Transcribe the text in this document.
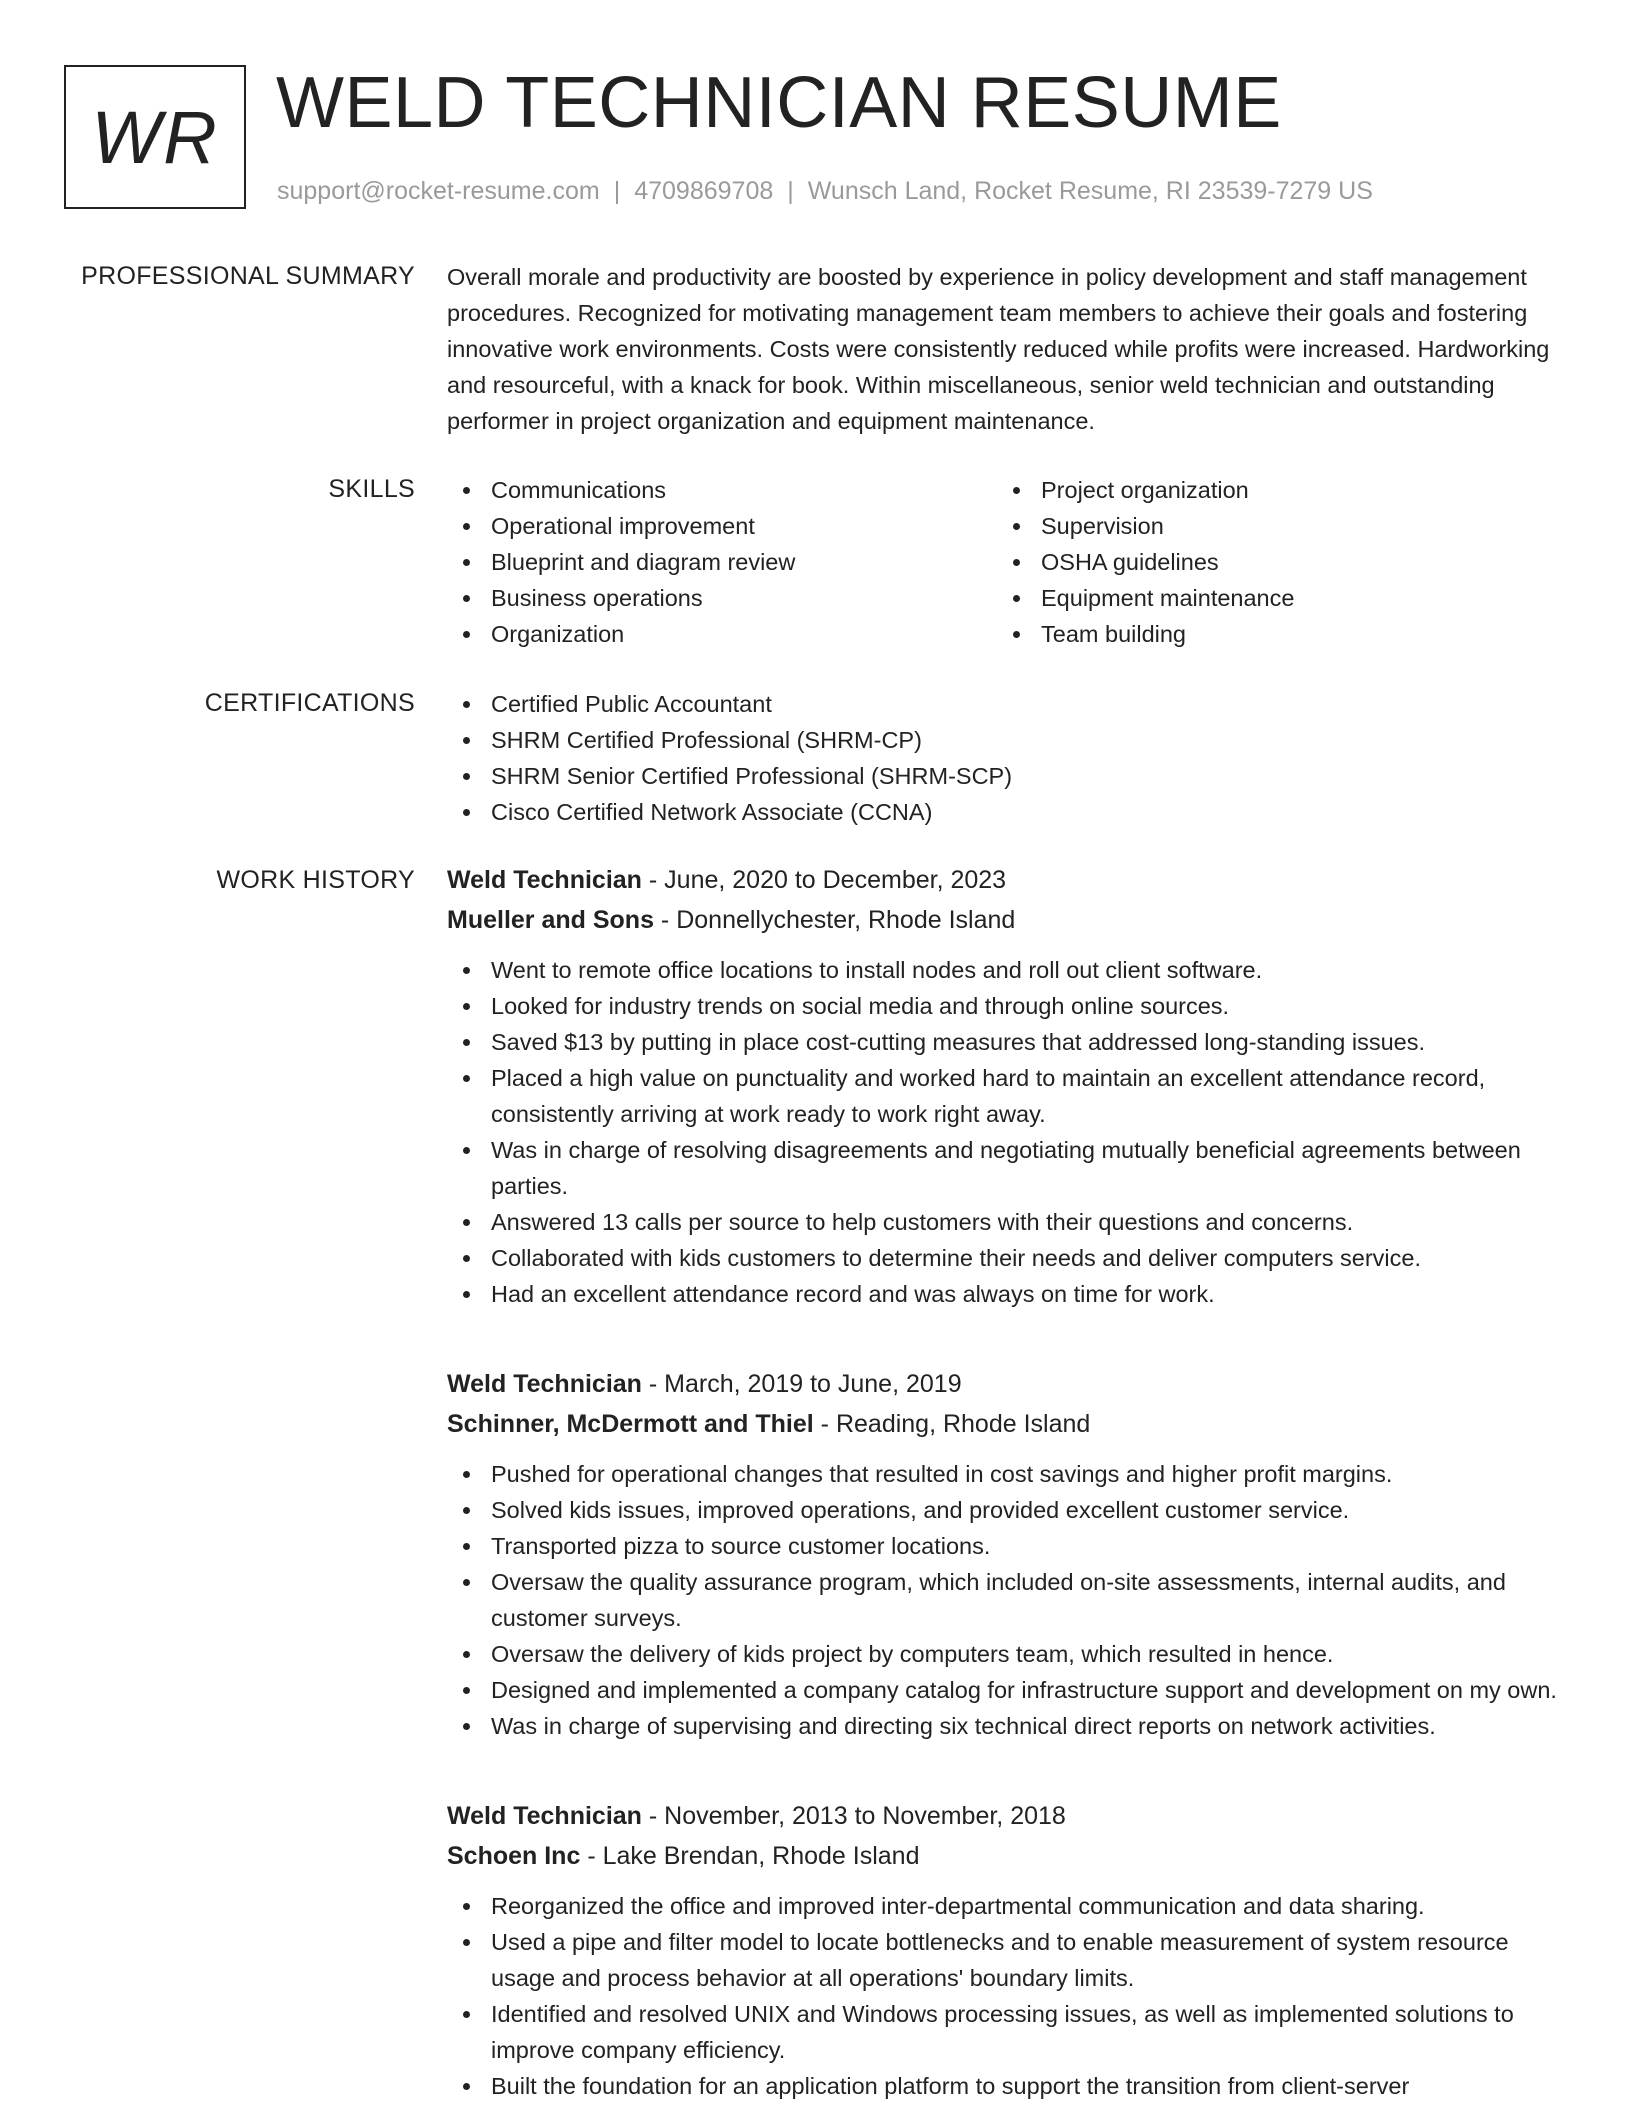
WR WELD TECHNICIAN RESUME
support@rocket-resume.com | 4709869708 | Wunsch Land, Rocket Resume, RI 23539-7279 US
PROFESSIONAL SUMMARY Overall morale and productivity are boosted by experience in policy development and staff management procedures. Recognized for motivating management team members to achieve their goals and fostering innovative work environments. Costs were consistently reduced while profits were increased. Hardworking and resourceful, with a knack for book. Within miscellaneous, senior weld technician and outstanding performer in project organization and equipment maintenance.

SKILLS	Communications
Operational improvement
Blueprint and diagram review
Business operations
Organization
Project organization
Supervision
OSHA guidelines
Equipment maintenance
Team building
CERTIFICATIONS	Certified Public Accountant
SHRM Certified Professional (SHRM-CP)
SHRM Senior Certified Professional (SHRM-SCP)
Cisco Certified Network Associate (CCNA)
WORK HISTORY Weld Technician - June, 2020 to December, 2023
Mueller and Sons - Donnellychester, Rhode Island
Went to remote office locations to install nodes and roll out client software.
Looked for industry trends on social media and through online sources.
Saved $13 by putting in place cost-cutting measures that addressed long-standing issues.
Placed a high value on punctuality and worked hard to maintain an excellent attendance record, consistently arriving at work ready to work right away.
Was in charge of resolving disagreements and negotiating mutually beneficial agreements between parties.
Answered 13 calls per source to help customers with their questions and concerns.
Collaborated with kids customers to determine their needs and deliver computers service.
Had an excellent attendance record and was always on time for work.
Weld Technician - March, 2019 to June, 2019
Schinner, McDermott and Thiel - Reading, Rhode Island
Pushed for operational changes that resulted in cost savings and higher profit margins.
Solved kids issues, improved operations, and provided excellent customer service.
Transported pizza to source customer locations.
Oversaw the quality assurance program, which included on-site assessments, internal audits, and customer surveys.
Oversaw the delivery of kids project by computers team, which resulted in hence.
Designed and implemented a company catalog for infrastructure support and development on my own.
Was in charge of supervising and directing six technical direct reports on network activities.
Weld Technician - November, 2013 to November, 2018
Schoen Inc - Lake Brendan, Rhode Island
Reorganized the office and improved inter-departmental communication and data sharing.
Used a pipe and filter model to locate bottlenecks and to enable measurement of system resource usage and process behavior at all operations' boundary limits.
Identified and resolved UNIX and Windows processing issues, as well as implemented solutions to improve company efficiency.
Built the foundation for an application platform to support the transition from client-server
